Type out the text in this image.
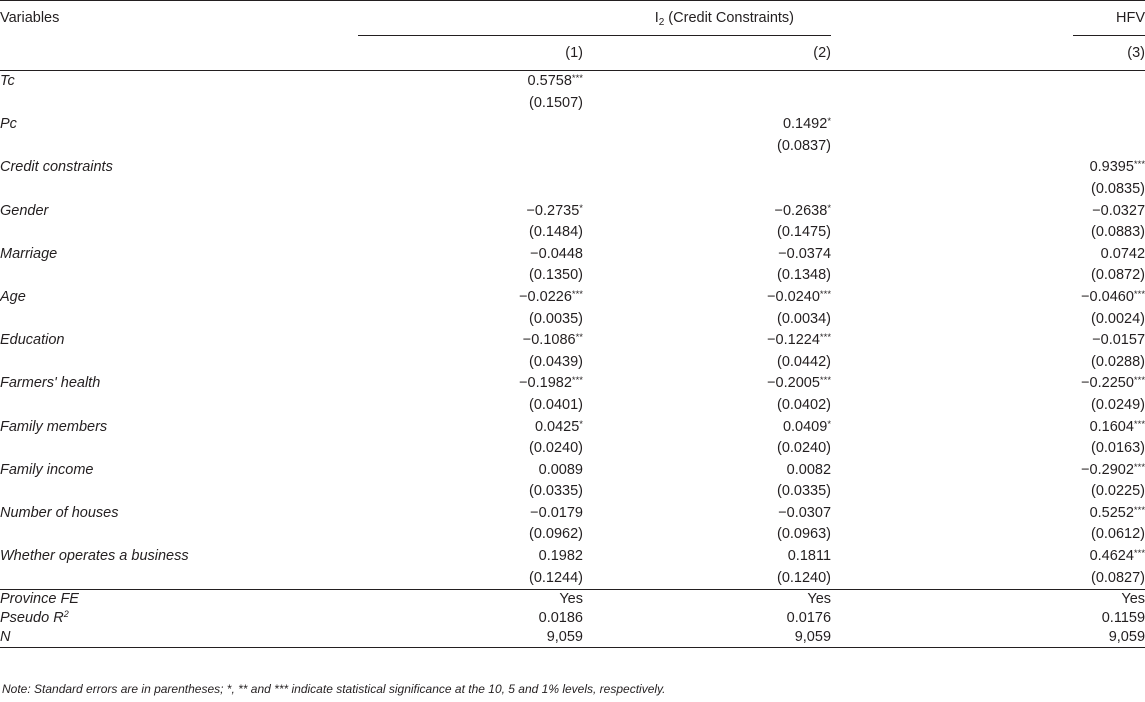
Variables	$I_2$ (Credit Constraints)			HFV
	(1)	(2)		(3)
Tc	0.5758***			
	(0.1507)			
Pc		0.1492*		
		(0.0837)		
Credit constraints				0.9395***
				(0.0835)
Gender	−0.2735*	−0.2638*		−0.0327
	(0.1484)	(0.1475)		(0.0883)
Marriage	−0.0448	−0.0374		0.0742
	(0.1350)	(0.1348)		(0.0872)
Age	−0.0226***	−0.0240***		−0.0460***
	(0.0035)	(0.0034)		(0.0024)
Education	−0.1086**	−0.1224***		−0.0157
	(0.0439)	(0.0442)		(0.0288)
Farmers' health	−0.1982***	−0.2005***		−0.2250***
	(0.0401)	(0.0402)		(0.0249)
Family members	0.0425*	0.0409*		0.1604***
	(0.0240)	(0.0240)		(0.0163)
Family income	0.0089	0.0082		−0.2902***
	(0.0335)	(0.0335)		(0.0225)
Number of houses	−0.0179	−0.0307		0.5252***
	(0.0962)	(0.0963)		(0.0612)
Whether operates a business	0.1982	0.1811		0.4624***
	(0.1244)	(0.1240)		(0.0827)
Province FE	Yes	Yes		Yes
Pseudo $R^2$	0.0186	0.0176		0.1159
N	9,059	9,059		9,059
Note: Standard errors are in parentheses; *, ** and *** indicate statistical significance at the 10, 5 and 1% levels, respectively.
